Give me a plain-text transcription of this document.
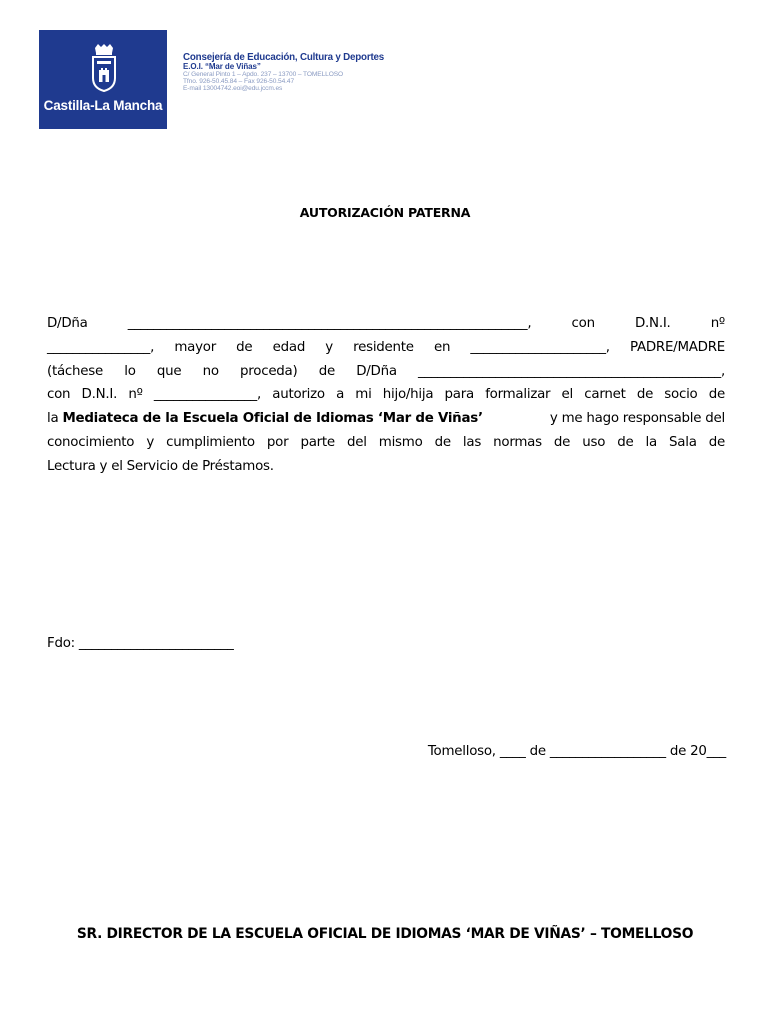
Castilla-La Mancha
Consejería de Educación, Cultura y Deportes
E.O.I. “Mar de Viñas”
C/ General Pinto 1 – Apdo. 237 – 13700 – TOMELLOSO
Tfno. 926-50.45.84 – Fax 926-50.54.47
E-mail 13004742.eoi@edu.jccm.es
AUTORIZACIÓN PATERNA
D/Dña ______________________________________________________________, con D.N.I. nº
________________, mayor de edad y residente en _____________________, PADRE/MADRE
(táchese lo que no proceda) de D/Dña _______________________________________________,
con D.N.I. nº ________________, autorizo a mi hijo/hija para formalizar el carnet de socio de
la Mediateca de la Escuela Oficial de Idiomas ‘Mar de Viñas’	y me hago responsable del
conocimiento y cumplimiento por parte del mismo de las normas de uso de la Sala de
Lectura y el Servicio de Préstamos.
Fdo: ________________________
Tomelloso, ____ de __________________ de 20___
SR. DIRECTOR DE LA ESCUELA OFICIAL DE IDIOMAS ‘MAR DE VIÑAS’ – TOMELLOSO
